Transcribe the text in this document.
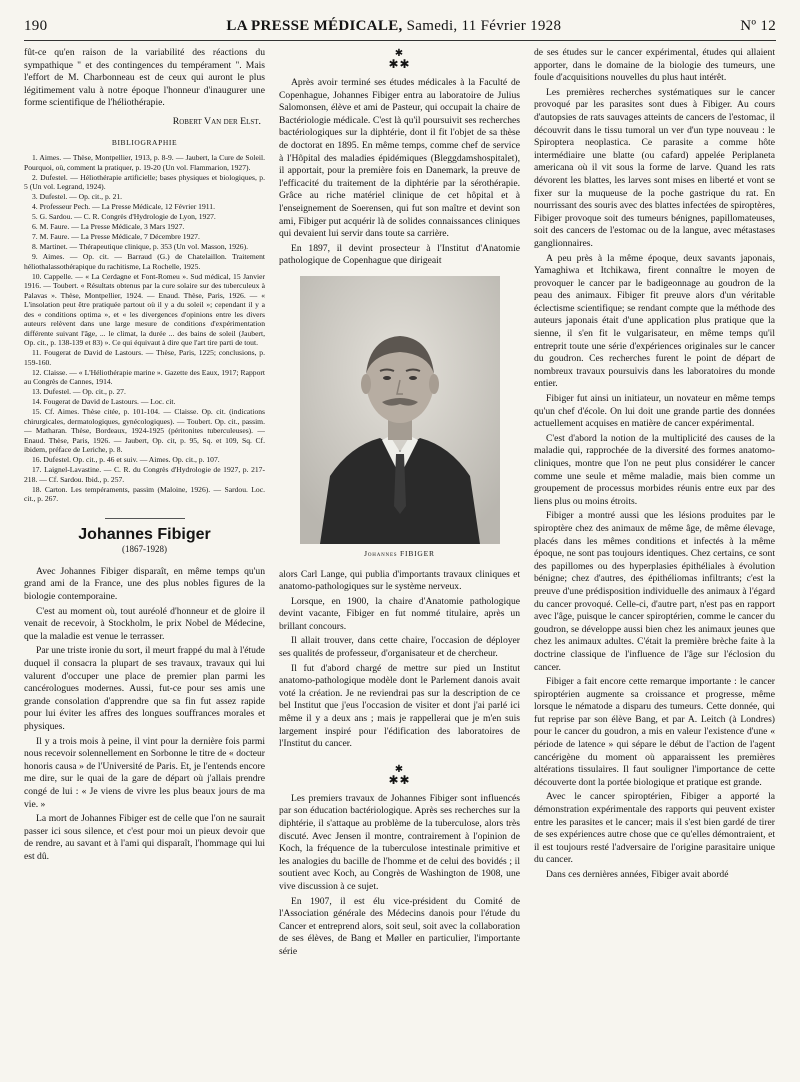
190	LA PRESSE MÉDICALE, Samedi, 11 Février 1928	Nº 12

fût-ce qu'en raison de la variabilité des réactions du sympathique " et des contingences du tempérament ". Mais l'effort de M. Charbonneau est de ceux qui auront le plus légitimement valu à notre époque l'honneur d'inaugurer une forme scientifique de l'héliothérapie.

Robert Van der Elst.
BIBLIOGRAPHIE
1. Aimes. — Thèse, Montpellier, 1913, p. 8-9. — Jaubert, la Cure de Soleil. Pourquoi, où, comment la pratiquer, p. 19-20 (Un vol. Flammarion, 1927).
2. Dufestel. — Héliothérapie artificielle; bases physiques et biologiques, p. 5 (Un vol. Legrand, 1924).
3. Dufestel. — Op. cit., p. 21.
4. Professeur Pech. — La Presse Médicale, 12 Février 1911.
5. G. Sardou. — C. R. Congrès d'Hydrologie de Lyon, 1927.
6. M. Faure. — La Presse Médicale, 3 Mars 1927.
7. M. Faure. — La Presse Médicale, 7 Décembre 1927.
8. Martinet. — Thérapeutique clinique, p. 353 (Un vol. Masson, 1926).
9. Aimes. — Op. cit. — Barraud (G.) de Chatelaillon. Traitement héliothalassothérapique du rachitisme, La Rochelle, 1925.
10. Cappelle. — « La Cerdagne et Font-Romeu ». Sud médical, 15 Janvier 1916. — Toubert. « Résultats obtenus par la cure solaire sur des tuberculeux à Palavas ». Thèse, Montpellier, 1924. — Enaud. Thèse, Paris, 1926. — « L'insolation peut être pratiquée partout où il y a du soleil »; cependant il y a des « conditions optima », et « les divergences d'opinions entre les divers auteurs relèvent dans une large mesure de conditions d'expérimentation différente suivant l'âge, ... le climat, la durée ... des bains de soleil (Jaubert, Op. cit., p. 138-139 et 83) ». Ce qui équivaut à dire que l'art tire parti de tout.
11. Fougerat de David de Lastours. — Thèse, Paris, 1225; conclusions, p. 159-160.
12. Claisse. — « L'Héliothérapie marine ». Gazette des Eaux, 1917; Rapport au Congrès de Cannes, 1914.
13. Dufestel. — Op. cit., p. 27.
14. Fougerat de David de Lastours. — Loc. cit.
15. Cf. Aimes. Thèse citée, p. 101-104. — Claisse. Op. cit. (indications chirurgicales, dermatologiques, gynécologiques). — Toubert. Op. cit., passim. — Matharan. Thèse, Bordeaux, 1924-1925 (péritonites tuberculeuses). — Enaud. Thèse, Paris, 1926. — Jaubert, Op. cit, p. 95, Sq. et 109, Sq. Cf. ibidem, préface de Leriche, p. 8.
16. Dufestel. Op. cit., p. 46 et suiv. — Aimes. Op. cit., p. 107.
17. Laignel-Lavastine. — C. R. du Congrès d'Hydrologie de 1927, p. 217-218. — Cf. Sardou. Ibid., p. 257.
18. Carton. Les tempéraments, passim (Maloine, 1926). — Sardou. Loc. cit., p. 267.
Johannes Fibiger
(1867-1928)

Avec Johannes Fibiger disparaît, en même temps qu'un grand ami de la France, une des plus nobles figures de la biologie contemporaine.

C'est au moment où, tout auréolé d'honneur et de gloire il venait de recevoir, à Stockholm, le prix Nobel de Médecine, que la maladie est venue le terrasser.

Par une triste ironie du sort, il meurt frappé du mal à l'étude duquel il consacra la plupart de ses travaux, travaux qui lui valurent d'occuper une place de premier plan parmi les cancérologues modernes. Aussi, fut-ce pour ses amis une grande consolation d'apprendre que sa fin fut assez rapide pour lui éviter les affres des longues souffrances morales et physiques.

Il y a trois mois à peine, il vint pour la dernière fois parmi nous recevoir solennellement en Sorbonne le titre de « docteur honoris causa » de l'Université de Paris. Et, je l'entends encore me dire, sur le quai de la gare de départ où j'allais prendre congé de lui : « Je viens de vivre les plus beaux jours de ma vie. »

La mort de Johannes Fibiger est de celle que l'on ne saurait passer ici sous silence, et c'est pour moi un pieux devoir que de rendre, au savant et à l'ami qui disparaît, l'hommage qui lui est dû.

✱
✱✱

Après avoir terminé ses études médicales à la Faculté de Copenhague, Johannes Fibiger entra au laboratoire de Julius Salomonsen, élève et ami de Pasteur, qui occupait la chaire de Bactériologie médicale. C'est là qu'il poursuivit ses recherches bactériologiques sur la diphtérie, dont il fit l'objet de sa thèse de doctorat en 1895. En même temps, comme chef de service à l'Hôpital des maladies épidémiques (Bleggdamshospitalet), il apportait, pour la première fois en Danemark, la preuve de l'efficacité du traitement de la diphtérie par la sérothérapie. Grâce au riche matériel clinique de cet hôpital et à l'enseignement de Soerensen, qui fut son maître et devint son ami, Fibiger put acquérir là de solides connaissances cliniques qui devaient lui servir dans toute sa carrière.

En 1897, il devint prosecteur à l'Institut d'Anatomie pathologique de Copenhague que dirigeait

Johannes FIBIGER

alors Carl Lange, qui publia d'importants travaux cliniques et anatomo-pathologiques sur le système nerveux.

Lorsque, en 1900, la chaire d'Anatomie pathologique devint vacante, Fibiger en fut nommé titulaire, après un brillant concours.

Il allait trouver, dans cette chaire, l'occasion de déployer ses qualités de professeur, d'organisateur et de chercheur.

Il fut d'abord chargé de mettre sur pied un Institut anatomo-pathologique modèle dont le Parlement danois avait voté la création. Je ne reviendrai pas sur la description de ce bel Institut que j'eus l'occasion de visiter et dont j'ai parlé ici même il y a deux ans ; mais je rappellerai que je m'en suis largement inspiré pour l'édification des laboratoires de l'Institut du cancer.

✱
✱✱

Les premiers travaux de Johannes Fibiger sont influencés par son éducation bactériologique. Après ses recherches sur la diphtérie, il s'attaque au problème de la tuberculose, alors très discuté. Avec Jensen il montre, contrairement à l'opinion de Koch, la fréquence de la tuberculose intestinale primitive et les analogies du bacille de l'homme et de celui des bovidés ; il soutient avec Koch, au Congrès de Washington de 1908, une vive discussion à ce sujet.

En 1907, il est élu vice-président du Comité de l'Association générale des Médecins danois pour l'étude du Cancer et entreprend alors, soit seul, soit avec la collaboration de ses élèves, de Bang et Møller en particulier, l'importante série

de ses études sur le cancer expérimental, études qui allaient apporter, dans le domaine de la biologie des tumeurs, une foule d'acquisitions nouvelles du plus haut intérêt.

Les premières recherches systématiques sur le cancer provoqué par les parasites sont dues à Fibiger. Au cours d'autopsies de rats sauvages atteints de cancers de l'estomac, il découvrit dans le tissu tumoral un ver d'un type nouveau : le Spiroptera neoplastica. Ce parasite a comme hôte intermédiaire une blatte (ou cafard) appelée Periplaneta americana où il vit sous la forme de larve. Quand les rats dévorent les blattes, les larves sont mises en liberté et vont se fixer sur la muqueuse de la poche gastrique du rat. En nourrissant des souris avec des blattes infectées de spiroptères, Fibiger provoque soit des tumeurs bénignes, papillomateuses, soit des cancers de l'estomac ou de la langue, avec métastases ganglionnaires.

A peu près à la même époque, deux savants japonais, Yamaghiwa et Itchikawa, firent connaître le moyen de provoquer le cancer par le badigeonnage au goudron de la peau des animaux. Fibiger fit preuve alors d'un véritable éclectisme scientifique; se rendant compte que la méthode des auteurs japonais était d'une application plus pratique que la sienne, il s'en fit le vulgarisateur, en même temps qu'il entreprit toute une série d'expériences originales sur le cancer du goudron. Ces recherches furent le point de départ de nombreux travaux poursuivis dans les laboratoires du monde entier.

Fibiger fut ainsi un initiateur, un novateur en même temps qu'un chef d'école. On lui doit une grande partie des données actuellement acquises en matière de cancer expérimental.

C'est d'abord la notion de la multiplicité des causes de la maladie qui, rapprochée de la diversité des formes anatomo-cliniques, montre que l'on ne peut plus considérer le cancer comme une seule et même maladie, mais bien comme un groupement de processus morbides réunis entre eux par des liens plus ou moins étroits.

Fibiger a montré aussi que les lésions produites par le spiroptère chez des animaux de même âge, de même élevage, placés dans les mêmes conditions et infectés à la même époque, ne sont pas toujours identiques. Chez certains, ce sont des papillomes ou des hyperplasies épithéliales à évolution bénigne; chez d'autres, des épithéliomas infiltrants; c'est la preuve d'une prédisposition individuelle des animaux à l'égard du cancer provoqué. Celle-ci, d'autre part, n'est pas en rapport avec l'âge, puisque le cancer spiroptérien, comme le cancer du goudron, se développe aussi bien chez les animaux jeunes que chez les animaux adultes. C'était la première brèche faite à la doctrine classique de l'influence de l'âge sur l'éclosion du cancer.

Fibiger a fait encore cette remarque importante : le cancer spiroptérien augmente sa croissance et progresse, même lorsque le nématode a disparu des tumeurs. Cette donnée, qui fut reprise par son élève Bang, et par A. Leitch (à Londres) pour le cancer du goudron, a mis en valeur l'existence d'une « période de latence » qui sépare le début de l'action de l'agent cancérigène du moment où apparaissent les premières altérations tissulaires. Il faut souligner l'importance de cette découverte dont la portée biologique et pratique est grande.

Avec le cancer spiroptérien, Fibiger a apporté la démonstration expérimentale des rapports qui peuvent exister entre les parasites et le cancer; mais il s'est bien gardé de tirer de ses expériences autre chose que ce qu'elles démontraient, et il est toujours resté l'adversaire de l'origine parasitaire unique du cancer.

Dans ces dernières années, Fibiger avait abordé
